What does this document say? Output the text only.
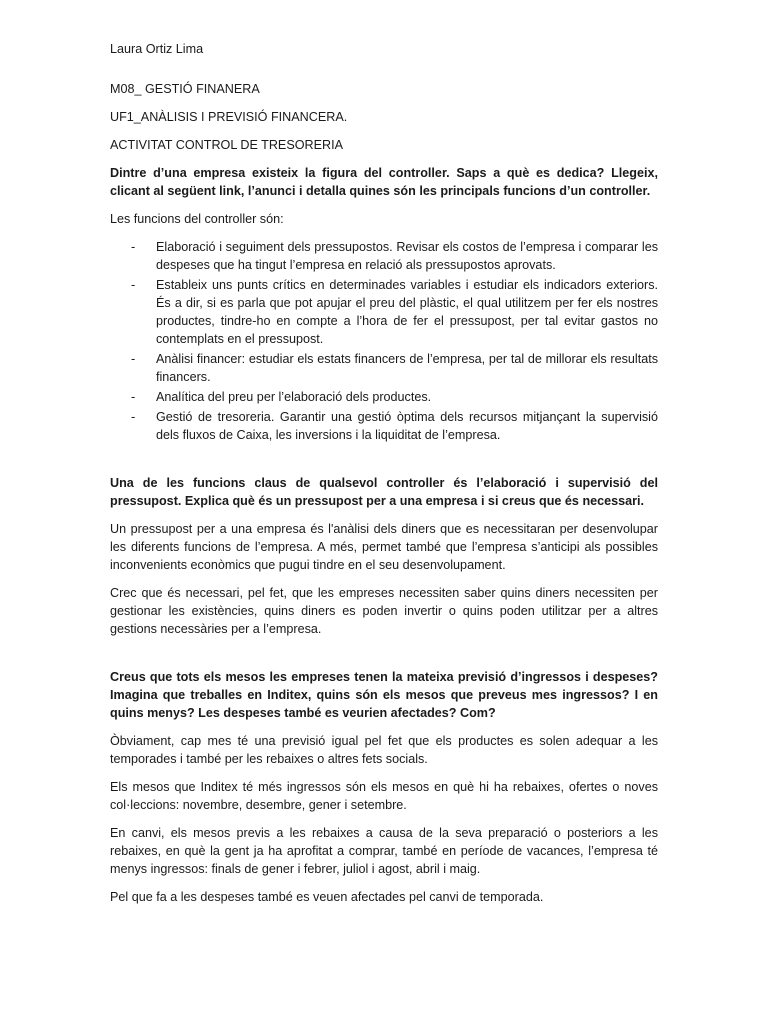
Laura Ortiz Lima

M08_ GESTIÓ FINANERA

UF1_ANÀLISIS I PREVISIÓ FINANCERA.

ACTIVITAT CONTROL DE TRESORERIA

Dintre d’una empresa existeix la figura del controller. Saps a què es dedica? Llegeix, clicant al següent link, l’anunci i detalla quines són les principals funcions d’un controller.

Les funcions del controller són:

- Elaboració i seguiment dels pressupostos. Revisar els costos de l’empresa i comparar les despeses que ha tingut l’empresa en relació als pressupostos aprovats.
- Estableix uns punts crítics en determinades variables i estudiar els indicadors exteriors. És a dir, si es parla que pot apujar el preu del plàstic, el qual utilitzem per fer els nostres productes, tindre-ho en compte a l’hora de fer el pressupost, per tal evitar gastos no contemplats en el pressupost.
- Anàlisi financer: estudiar els estats financers de l’empresa, per tal de millorar els resultats financers.
- Analítica del preu per l’elaboració dels productes.
- Gestió de tresoreria. Garantir una gestió òptima dels recursos mitjançant la supervisió dels fluxos de Caixa, les inversions i la liquiditat de l’empresa.

Una de les funcions claus de qualsevol controller és l’elaboració i supervisió del pressupost. Explica què és un pressupost per a una empresa i si creus que és necessari.

Un pressupost per a una empresa és l'anàlisi dels diners que es necessitaran per desenvolupar les diferents funcions de l’empresa. A més, permet també que l’empresa s’anticipi als possibles inconvenients econòmics que pugui tindre en el seu desenvolupament.

Crec que és necessari, pel fet, que les empreses necessiten saber quins diners necessiten per gestionar les existències, quins diners es poden invertir o quins poden utilitzar per a altres gestions necessàries per a l’empresa.

Creus que tots els mesos les empreses tenen la mateixa previsió d’ingressos i despeses? Imagina que treballes en Inditex, quins són els mesos que preveus mes ingressos? I en quins menys? Les despeses també es veurien afectades? Com?

Òbviament, cap mes té una previsió igual pel fet que els productes es solen adequar a les temporades i també per les rebaixes o altres fets socials.

Els mesos que Inditex té més ingressos són els mesos en què hi ha rebaixes, ofertes o noves col·leccions: novembre, desembre, gener i setembre.

En canvi, els mesos previs a les rebaixes a causa de la seva preparació o posteriors a les rebaixes, en què la gent ja ha aprofitat a comprar, també en període de vacances, l’empresa té menys ingressos: finals de gener i febrer, juliol i agost, abril i maig.

Pel que fa a les despeses també es veuen afectades pel canvi de temporada.
